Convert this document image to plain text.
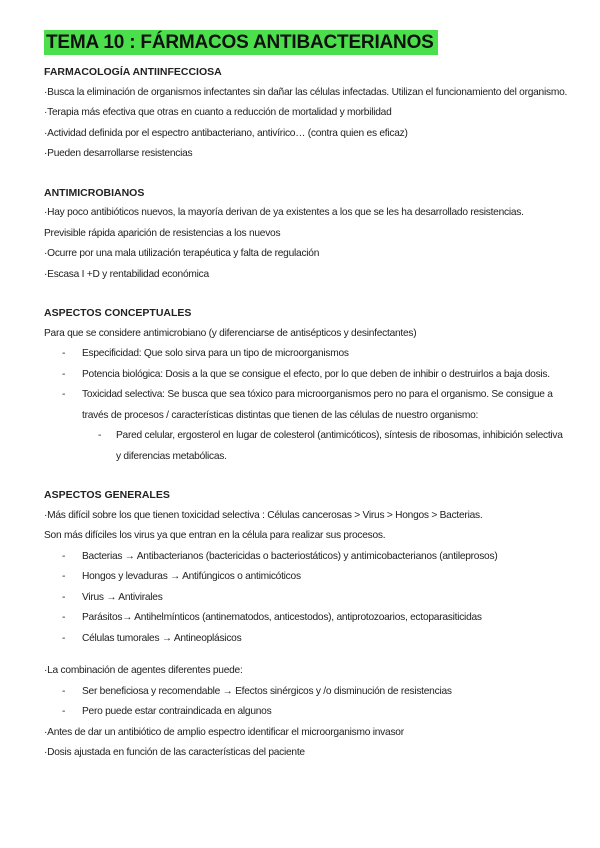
TEMA 10 : FÁRMACOS ANTIBACTERIANOS
FARMACOLOGÍA ANTIINFECCIOSA
·Busca la eliminación de organismos infectantes sin dañar las células infectadas. Utilizan el funcionamiento del organismo.
·Terapia más efectiva que otras en cuanto a reducción de mortalidad y morbilidad
·Actividad definida por el espectro antibacteriano, antivírico… (contra quien es eficaz)
·Pueden desarrollarse resistencias
ANTIMICROBIANOS
·Hay poco antibióticos nuevos, la mayoría derivan de ya existentes a los que se les ha desarrollado resistencias. Previsible rápida aparición de resistencias a los nuevos
·Ocurre por una mala utilización terapéutica y falta de regulación
·Escasa I +D y rentabilidad económica
ASPECTOS CONCEPTUALES
Para que se considere antimicrobiano (y diferenciarse de antisépticos y desinfectantes)
-	Especificidad: Que solo sirva para un tipo de microorganismos
-	Potencia biológica: Dosis a la que se consigue el efecto, por lo que deben de inhibir o destruirlos a baja dosis.
-	Toxicidad selectiva: Se busca que sea tóxico para microorganismos pero no para el organismo. Se consigue a través de procesos / características distintas que tienen de las células de nuestro organismo:
-	Pared celular, ergosterol en lugar de colesterol (antimicóticos), síntesis de ribosomas, inhibición selectiva y diferencias metabólicas.
ASPECTOS GENERALES
·Más difícil sobre los que tienen toxicidad selectiva : Células cancerosas > Virus > Hongos > Bacterias.
Son más difíciles los virus ya que entran en la célula para realizar sus procesos.
-	Bacterias → Antibacterianos (bactericidas o bacteriostáticos) y antimicobacterianos (antileprosos)
-	Hongos y levaduras → Antifúngicos o antimicóticos
-	Virus → Antivirales
-	Parásitos→ Antihelmínticos (antinematodos, anticestodos), antiprotozoarios, ectoparasiticidas
-	Células tumorales → Antineoplásicos
·La combinación de agentes diferentes puede:
-	Ser beneficiosa y recomendable → Efectos sinérgicos y /o disminución de resistencias
-	Pero puede estar contraindicada en algunos
·Antes de dar un antibiótico de amplio espectro identificar el microorganismo invasor
·Dosis ajustada en función de las características del paciente
